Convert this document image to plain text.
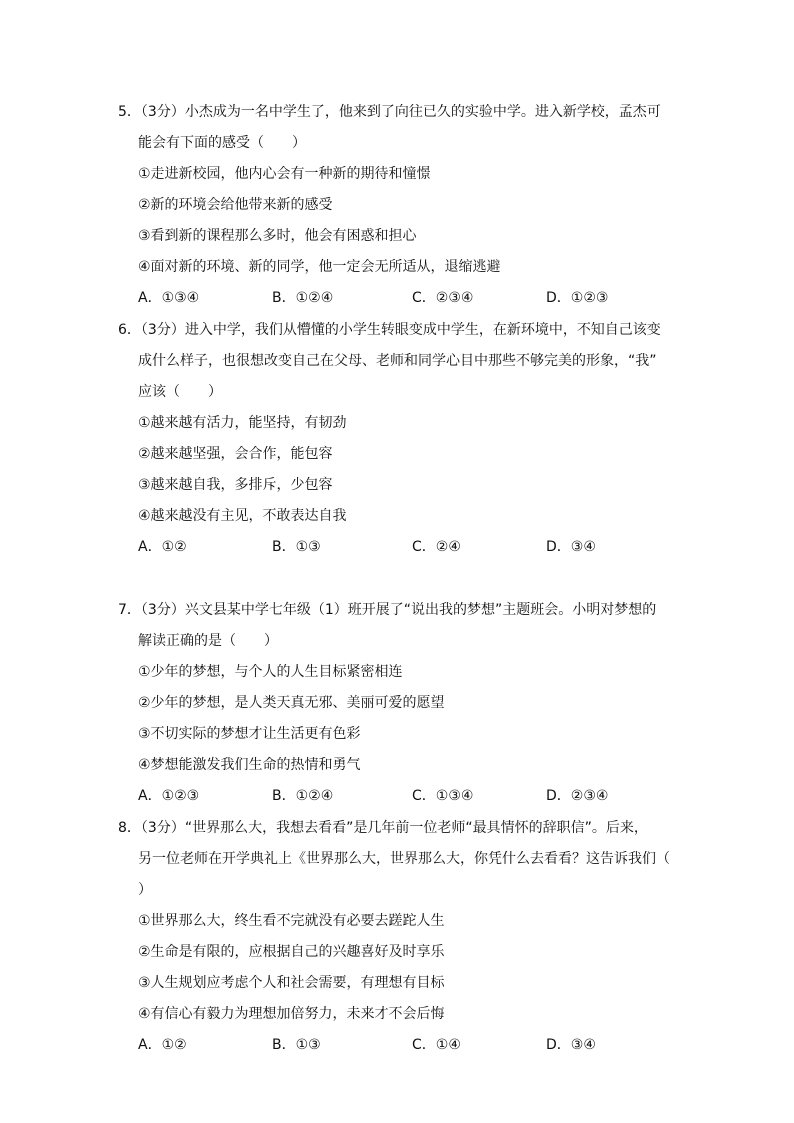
5．（3分）小杰成为一名中学生了，他来到了向往已久的实验中学。进入新学校，孟杰可
能会有下面的感受（　　）
①走进新校园，他内心会有一种新的期待和憧憬
②新的环境会给他带来新的感受
③看到新的课程那么多时，他会有困惑和担心
④面对新的环境、新的同学，他一定会无所适从，退缩逃避
A．①③④	B．①②④	C．②③④	D．①②③
6．（3分）进入中学，我们从懵懂的小学生转眼变成中学生，在新环境中，不知自己该变
成什么样子，也很想改变自己在父母、老师和同学心目中那些不够完美的形象，“我”
应该（　　）
①越来越有活力，能坚持，有韧劲
②越来越坚强，会合作，能包容
③越来越自我，多排斥，少包容
④越来越没有主见，不敢表达自我
A．①②	B．①③	C．②④	D．③④
7．（3分）兴文县某中学七年级（1）班开展了“说出我的梦想”主题班会。小明对梦想的
解读正确的是（　　）
①少年的梦想，与个人的人生目标紧密相连
②少年的梦想，是人类天真无邪、美丽可爱的愿望
③不切实际的梦想才让生活更有色彩
④梦想能激发我们生命的热情和勇气
A．①②③	B．①②④	C．①③④	D．②③④
8．（3分）“世界那么大，我想去看看”是几年前一位老师“最具情怀的辞职信”。后来，
另一位老师在开学典礼上《世界那么大，世界那么大，你凭什么去看看？这告诉我们（
）
①世界那么大，终生看不完就没有必要去蹉跎人生
②生命是有限的，应根据自己的兴趣喜好及时享乐
③人生规划应考虑个人和社会需要，有理想有目标
④有信心有毅力为理想加倍努力，未来才不会后悔
A．①②	B．①③	C．①④	D．③④
